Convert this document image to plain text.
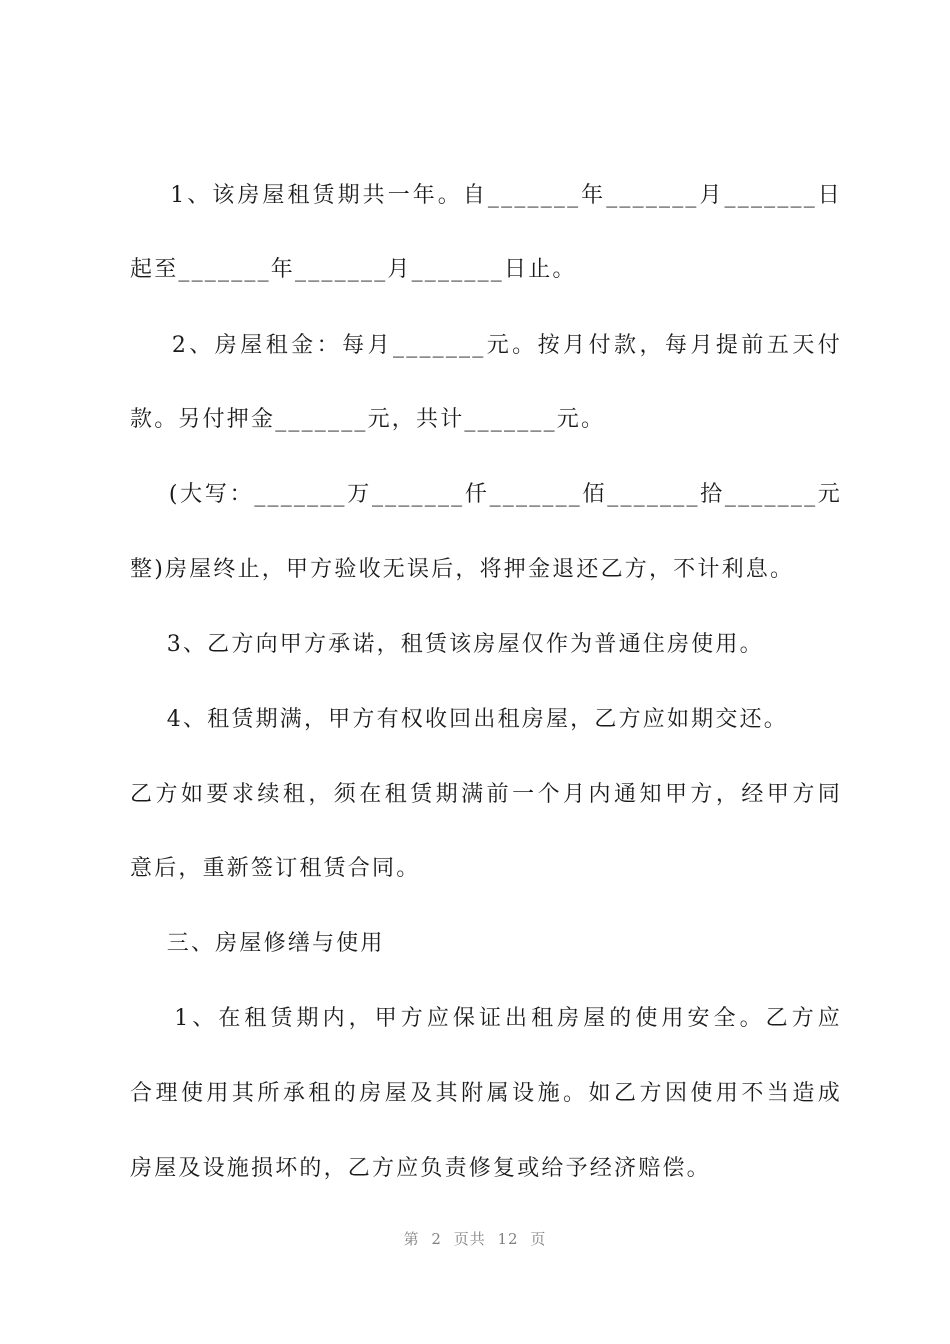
1、该房屋租赁期共一年。自_______年_______月_______日
起至_______年_______月_______日止。
2、房屋租金：每月_______元。按月付款，每月提前五天付
款。另付押金_______元，共计_______元。
(大写：_______万_______仟_______佰_______拾_______元
整)房屋终止，甲方验收无误后，将押金退还乙方，不计利息。
3、乙方向甲方承诺，租赁该房屋仅作为普通住房使用。
4、租赁期满，甲方有权收回出租房屋，乙方应如期交还。
乙方如要求续租，须在租赁期满前一个月内通知甲方，经甲方同
意后，重新签订租赁合同。
三、房屋修缮与使用
1、在租赁期内，甲方应保证出租房屋的使用安全。乙方应
合理使用其所承租的房屋及其附属设施。如乙方因使用不当造成
房屋及设施损坏的，乙方应负责修复或给予经济赔偿。
第 2 页共 12 页
